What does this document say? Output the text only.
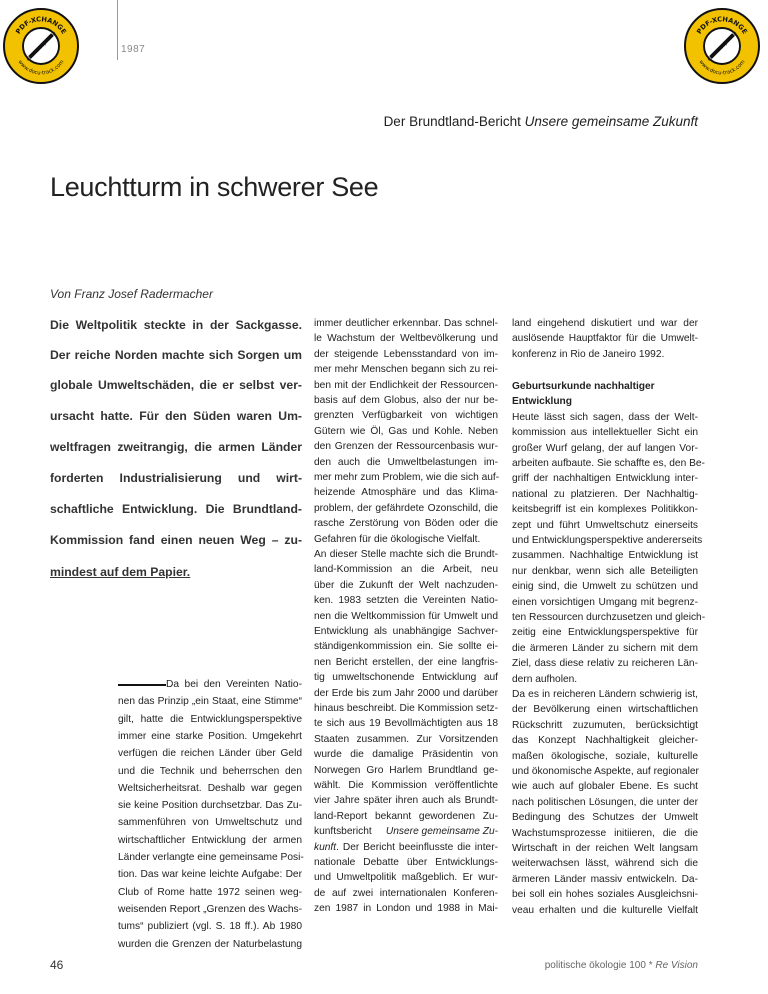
1987
PDF-XCHANGE
www.docu-track.com
Click to buy NOW!	PDF-XCHANGE
www.docu-track.com
Click to buy NOW!
Der Brundtland-Bericht Unsere gemeinsame Zukunft
Leuchtturm in schwerer See
Von Franz Josef Radermacher
Die Weltpolitik steckte in der Sackgasse.
Der reiche Norden machte sich Sorgen um
globale Umweltschäden, die er selbst ver-
ursacht hatte. Für den Süden waren Um-
weltfragen zweitrangig, die armen Länder
forderten Industrialisierung und wirt-
schaftliche Entwicklung. Die Brundtland-
Kommission fand einen neuen Weg – zu-
mindest auf dem Papier.
Da bei den Vereinten Natio-
nen das Prinzip „ein Staat, eine Stimme“
gilt, hatte die Entwicklungsperspektive
immer eine starke Position. Umgekehrt
verfügen die reichen Länder über Geld
und die Technik und beherrschen den
Weltsicherheitsrat. Deshalb war gegen
sie keine Position durchsetzbar. Das Zu-
sammenführen von Umweltschutz und
wirtschaftlicher Entwicklung der armen
Länder verlangte eine gemeinsame Posi-
tion. Das war keine leichte Aufgabe: Der
Club of Rome hatte 1972 seinen weg-
weisenden Report „Grenzen des Wachs-
tums“ publiziert (vgl. S. 18 ff.). Ab 1980
wurden die Grenzen der Naturbelastung
immer deutlicher erkennbar. Das schnel-
le Wachstum der Weltbevölkerung und
der steigende Lebensstandard von im-
mer mehr Menschen begann sich zu rei-
ben mit der Endlichkeit der Ressourcen-
basis auf dem Globus, also der nur be-
grenzten Verfügbarkeit von wichtigen
Gütern wie Öl, Gas und Kohle. Neben
den Grenzen der Ressourcenbasis wur-
den auch die Umweltbelastungen im-
mer mehr zum Problem, wie die sich auf-
heizende Atmosphäre und das Klima-
problem, der gefährdete Ozonschild, die
rasche Zerstörung von Böden oder die
Gefahren für die ökologische Vielfalt.
An dieser Stelle machte sich die Brundt-
land-Kommission an die Arbeit, neu
über die Zukunft der Welt nachzuden-
ken. 1983 setzten die Vereinten Natio-
nen die Weltkommission für Umwelt und
Entwicklung als unabhängige Sachver-
ständigenkommission ein. Sie sollte ei-
nen Bericht erstellen, der eine langfris-
tig umweltschonende Entwicklung auf
der Erde bis zum Jahr 2000 und darüber
hinaus beschreibt. Die Kommission setz-
te sich aus 19 Bevollmächtigten aus 18
Staaten zusammen. Zur Vorsitzenden
wurde die damalige Präsidentin von
Norwegen Gro Harlem Brundtland ge-
wählt. Die Kommission veröffentlichte
vier Jahre später ihren auch als Brundt-
land-Report bekannt gewordenen Zu-
kunftsbericht Unsere gemeinsame Zu-
kunft . Der Bericht beeinflusste die inter-
nationale Debatte über Entwicklungs-
und Umweltpolitik maßgeblich. Er wur-
de auf zwei internationalen Konferen-
zen 1987 in London und 1988 in Mai-
land eingehend diskutiert und war der
auslösende Hauptfaktor für die Umwelt-
konferenz in Rio de Janeiro 1992.
Geburtsurkunde nachhaltiger
Entwicklung
Heute lässt sich sagen, dass der Welt-
kommission aus intellektueller Sicht ein
großer Wurf gelang, der auf langen Vor-
arbeiten aufbaute. Sie schaffte es, den Be-
griff der nachhaltigen Entwicklung inter-
national zu platzieren. Der Nachhaltig-
keitsbegriff ist ein komplexes Politikkon-
zept und führt Umweltschutz einerseits
und Entwicklungsperspektive andererseits
zusammen. Nachhaltige Entwicklung ist
nur denkbar, wenn sich alle Beteiligten
einig sind, die Umwelt zu schützen und
einen vorsichtigen Umgang mit begrenz-
ten Ressourcen durchzusetzen und gleich-
zeitig eine Entwicklungsperspektive für
die ärmeren Länder zu sichern mit dem
Ziel, dass diese relativ zu reicheren Län-
dern aufholen.
Da es in reicheren Ländern schwierig ist,
der Bevölkerung einen wirtschaftlichen
Rückschritt zuzumuten, berücksichtigt
das Konzept Nachhaltigkeit gleicher-
maßen ökologische, soziale, kulturelle
und ökonomische Aspekte, auf regionaler
wie auch auf globaler Ebene. Es sucht
nach politischen Lösungen, die unter der
Bedingung des Schutzes der Umwelt
Wachstumsprozesse initiieren, die die
Wirtschaft in der reichen Welt langsam
weiterwachsen lässt, während sich die
ärmeren Länder massiv entwickeln. Da-
bei soll ein hohes soziales Ausgleichsni-
veau erhalten und die kulturelle Vielfalt
46	politische ökologie 100 * Re Vision
